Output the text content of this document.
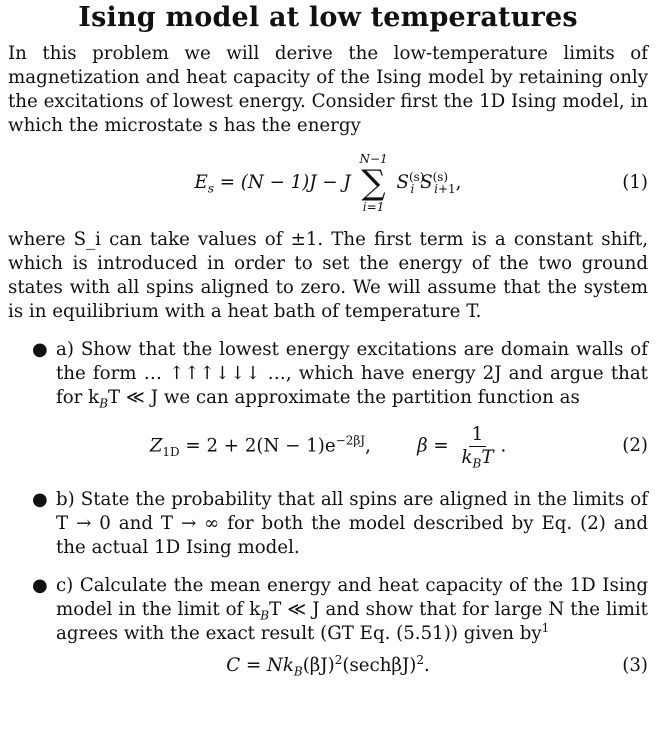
Ising model at low temperatures

In this problem we will derive the low-temperature limits of magnetization and heat capacity of the Ising model by retaining only the excitations of lowest energy. Consider first the 1D Ising model, in which the microstate s has the energy

$E_s = (N - 1)J - J$
N−1
∑
i=1
$S^{(s)}_i$ $S^{(s)}_{i+1}$,	(1)

where S_i can take values of ±1. The first term is a constant shift, which is introduced in order to set the energy of the two ground states with all spins aligned to zero. We will assume that the system is in equilibrium with a heat bath of temperature T.

● a) Show that the lowest energy excitations are domain walls of the form … ↑↑↑↓↓↓ …, which have energy 2J and argue that for $k_BT$ ≪ J we can approximate the partition function as
$Z_{1D} = 2 + 2(N - 1)e^{-2\beta J}$,        $\beta = \frac{1}{k_BT}$ .	(2)
● b) State the probability that all spins are aligned in the limits of T → 0 and T → ∞ for both the model described by Eq. (2) and the actual 1D Ising model.
● c) Calculate the mean energy and heat capacity of the 1D Ising model in the limit of $k_BT$ ≪ J and show that for large N the limit agrees with the exact result (GT Eq. (5.51)) given $by^1$
$C = Nk_B(\beta J)^2(\sec h\beta J)^2$.	(3)
